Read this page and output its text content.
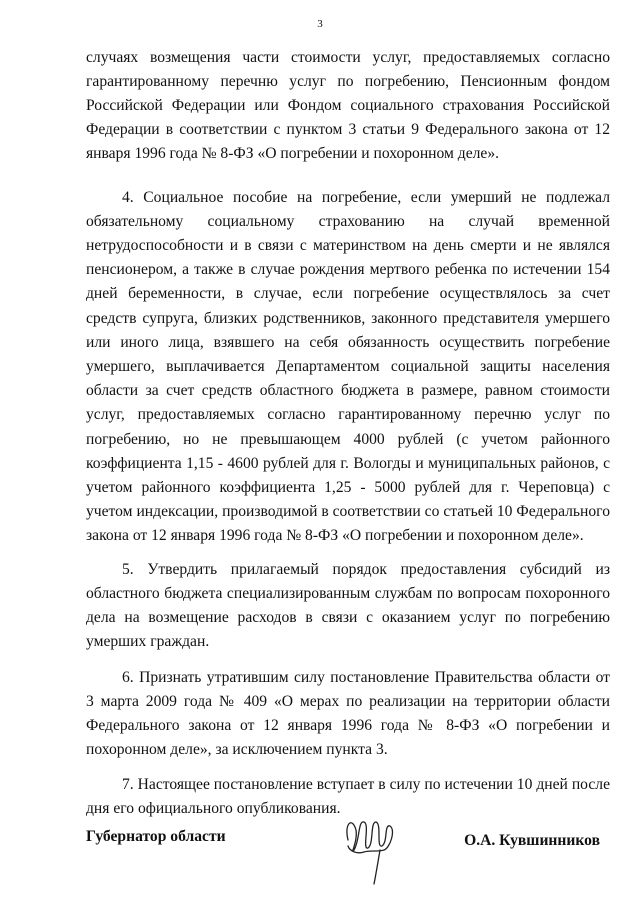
3

случаях возмещения части стоимости услуг, предоставляемых согласно гарантированному перечню услуг по погребению, Пенсионным фондом Российской Федерации или Фондом социального страхования Российской Федерации в соответствии с пунктом 3 статьи 9 Федерального закона от 12 января 1996 года № 8-ФЗ «О погребении и похоронном деле».

4. Социальное пособие на погребение, если умерший не подлежал обязательному социальному страхованию на случай временной нетрудоспособности и в связи с материнством на день смерти и не являлся пенсионером, а также в случае рождения мертвого ребенка по истечении 154 дней беременности, в случае, если погребение осуществлялось за счет средств супруга, близких родственников, законного представителя умершего или иного лица, взявшего на себя обязанность осуществить погребение умершего, выплачивается Департаментом социальной защиты населения области за счет средств областного бюджета в размере, равном стоимости услуг, предоставляемых согласно гарантированному перечню услуг по погребению, но не превышающем 4000 рублей (с учетом районного коэффициента 1,15 - 4600 рублей для г. Вологды и муниципальных районов, с учетом районного коэффициента 1,25 - 5000 рублей для г. Череповца) с учетом индексации, производимой в соответствии со статьей 10 Федерального закона от 12 января 1996 года № 8-ФЗ «О погребении и похоронном деле».

5. Утвердить прилагаемый порядок предоставления субсидий из областного бюджета специализированным службам по вопросам похоронного дела на возмещение расходов в связи с оказанием услуг по погребению умерших граждан.

6. Признать утратившим силу постановление Правительства области от 3 марта 2009 года № 409 «О мерах по реализации на территории области Федерального закона от 12 января 1996 года № 8-ФЗ «О погребении и похоронном деле», за исключением пункта 3.

7. Настоящее постановление вступает в силу по истечении 10 дней после дня его официального опубликования.

Губернатор области	О.А. Кувшинников
